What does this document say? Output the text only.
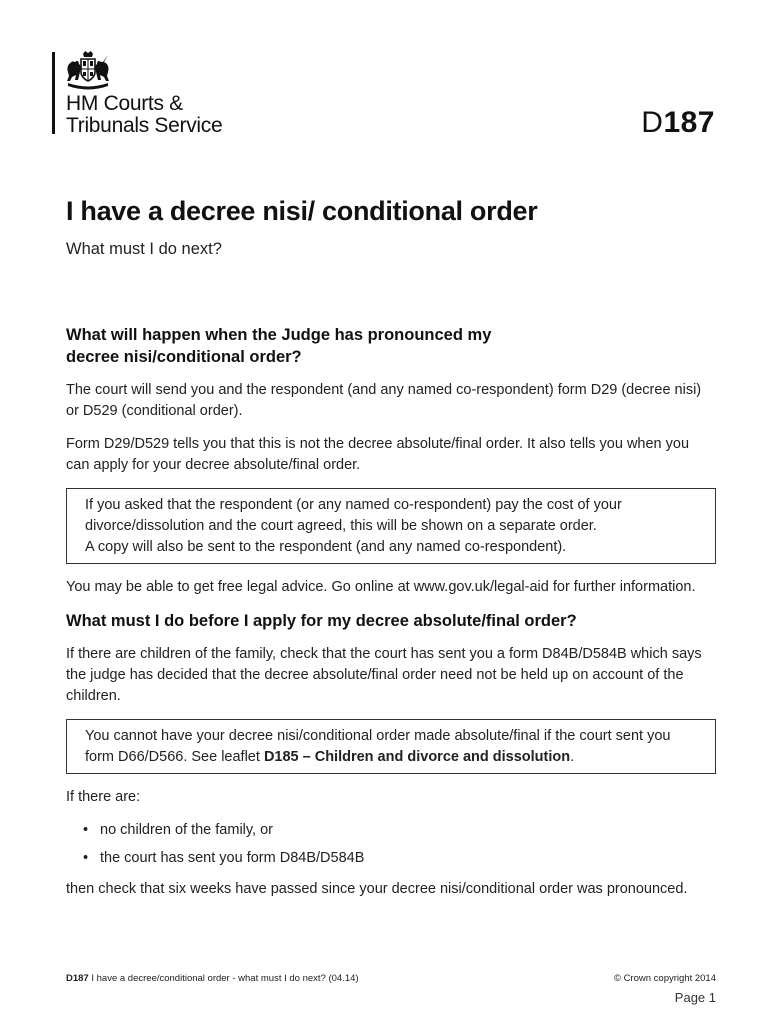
HM Courts &
Tribunals Service	D187
I have a decree nisi/ conditional order

What must I do next?

What will happen when the Judge has pronounced my
decree nisi/conditional order?

The court will send you and the respondent (and any named co-respondent) form D29 (decree nisi) or D529 (conditional order).

Form D29/D529 tells you that this is not the decree absolute/final order. It also tells you when you can apply for your decree absolute/final order.

If you asked that the respondent (or any named co-respondent) pay the cost of your divorce/dissolution and the court agreed, this will be shown on a separate order.

A copy will also be sent to the respondent (and any named co-respondent).

You may be able to get free legal advice. Go online at www.gov.uk/legal-aid for further information.

What must I do before I apply for my decree absolute/final order?

If there are children of the family, check that the court has sent you a form D84B/D584B which says the judge has decided that the decree absolute/final order need not be held up on account of the children.

You cannot have your decree nisi/conditional order made absolute/final if the court sent you form D66/D566. See leaflet D185 – Children and divorce and dissolution.

If there are:

• no children of the family, or
• the court has sent you form D84B/D584B

then check that six weeks have passed since your decree nisi/conditional order was pronounced.

D187 I have a decree/conditional order - what must I do next? (04.14)	© Crown copyright 2014
Page 1
